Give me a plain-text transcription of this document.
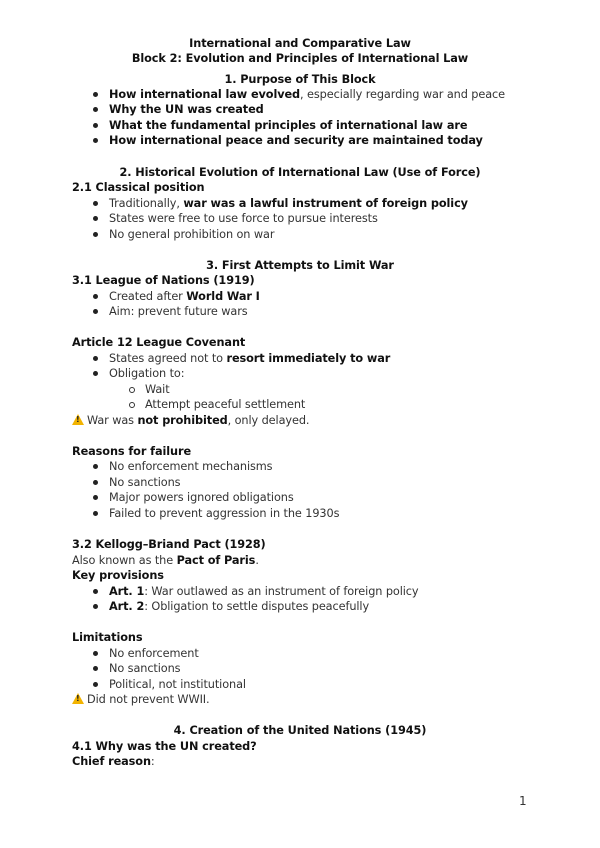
International and Comparative Law
Block 2: Evolution and Principles of International Law
1. Purpose of This Block
How international law evolved, especially regarding war and peace
Why the UN was created
What the fundamental principles of international law are
How international peace and security are maintained today
2. Historical Evolution of International Law (Use of Force)
2.1 Classical position
Traditionally, war was a lawful instrument of foreign policy
States were free to use force to pursue interests
No general prohibition on war
3. First Attempts to Limit War
3.1 League of Nations (1919)
Created after World War I
Aim: prevent future wars
Article 12 League Covenant
States agreed not to resort immediately to war
Obligation to:
Wait
Attempt peaceful settlement
!War was not prohibited, only delayed.
Reasons for failure
No enforcement mechanisms
No sanctions
Major powers ignored obligations
Failed to prevent aggression in the 1930s
3.2 Kellogg–Briand Pact (1928)
Also known as the Pact of Paris.
Key provisions
Art. 1: War outlawed as an instrument of foreign policy
Art. 2: Obligation to settle disputes peacefully
Limitations
No enforcement
No sanctions
Political, not institutional
!Did not prevent WWII.
4. Creation of the United Nations (1945)
4.1 Why was the UN created?
Chief reason:
1
